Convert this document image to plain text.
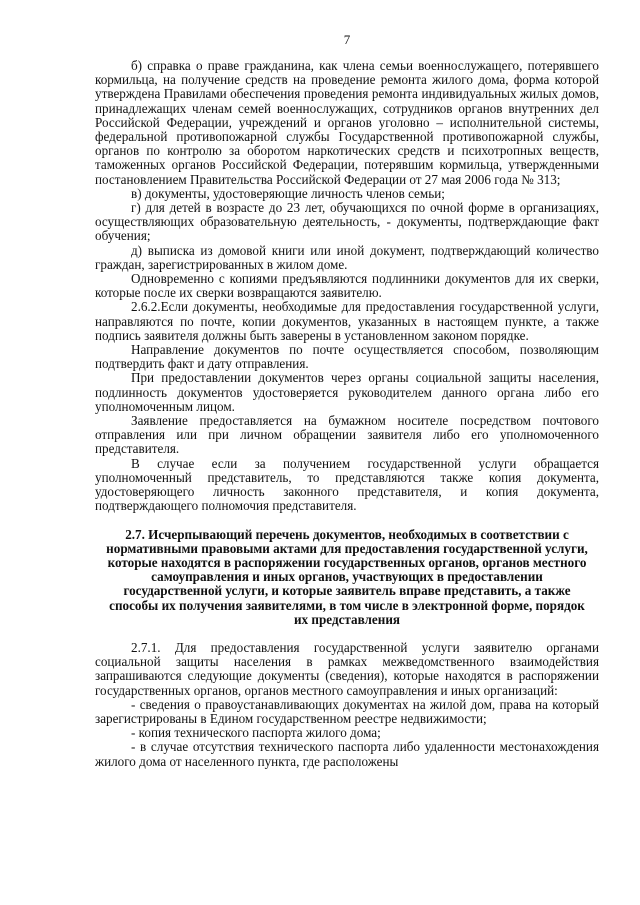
7

б) справка о праве гражданина, как члена семьи военнослужащего, потерявшего кормильца, на получение средств на проведение ремонта жилого дома, форма которой утверждена Правилами обеспечения проведения ремонта индивидуальных жилых домов, принадлежащих членам семей военнослужащих, сотрудников органов внутренних дел Российской Федерации, учреждений и органов уголовно – исполнительной системы, федеральной противопожарной службы Государственной противопожарной службы, органов по контролю за оборотом наркотических средств и психотропных веществ, таможенных органов Российской Федерации, потерявшим кормильца, утвержденными постановлением Правительства Российской Федерации от 27 мая 2006 года № 313;

в) документы, удостоверяющие личность членов семьи;

г) для детей в возрасте до 23 лет, обучающихся по очной форме в организациях, осуществляющих образовательную деятельность, - документы, подтверждающие факт обучения;

д) выписка из домовой книги или иной документ, подтверждающий количество граждан, зарегистрированных в жилом доме.

Одновременно с копиями предъявляются подлинники документов для их сверки, которые после их сверки возвращаются заявителю.

2.6.2.Если документы, необходимые для предоставления государственной услуги, направляются по почте, копии документов, указанных в настоящем пункте, а также подпись заявителя должны быть заверены в установленном законом порядке.

Направление документов по почте осуществляется способом, позволяющим подтвердить факт и дату отправления.

При предоставлении документов через органы социальной защиты населения, подлинность документов удостоверяется руководителем данного органа либо его уполномоченным лицом.

Заявление предоставляется на бумажном носителе посредством почтового отправления или при личном обращении заявителя либо его уполномоченного представителя.

В случае если за получением государственной услуги обращается уполномоченный представитель, то представляются также копия документа, удостоверяющего личность законного представителя, и копия документа, подтверждающего полномочия представителя.

2.7. Исчерпывающий перечень документов, необходимых в соответствии с нормативными правовыми актами для предоставления государственной услуги, которые находятся в распоряжении государственных органов, органов местного самоуправления и иных органов, участвующих в предоставлении государственной услуги, и которые заявитель вправе представить, а также способы их получения заявителями, в том числе в электронной форме, порядок их представления

2.7.1. Для предоставления государственной услуги заявителю органами социальной защиты населения в рамках межведомственного взаимодействия запрашиваются следующие документы (сведения), которые находятся в распоряжении государственных органов, органов местного самоуправления и иных организаций:

- сведения о правоустанавливающих документах на жилой дом, права на который зарегистрированы в Едином государственном реестре недвижимости;

- копия технического паспорта жилого дома;

- в случае отсутствия технического паспорта либо удаленности местонахождения жилого дома от населенного пункта, где расположены
